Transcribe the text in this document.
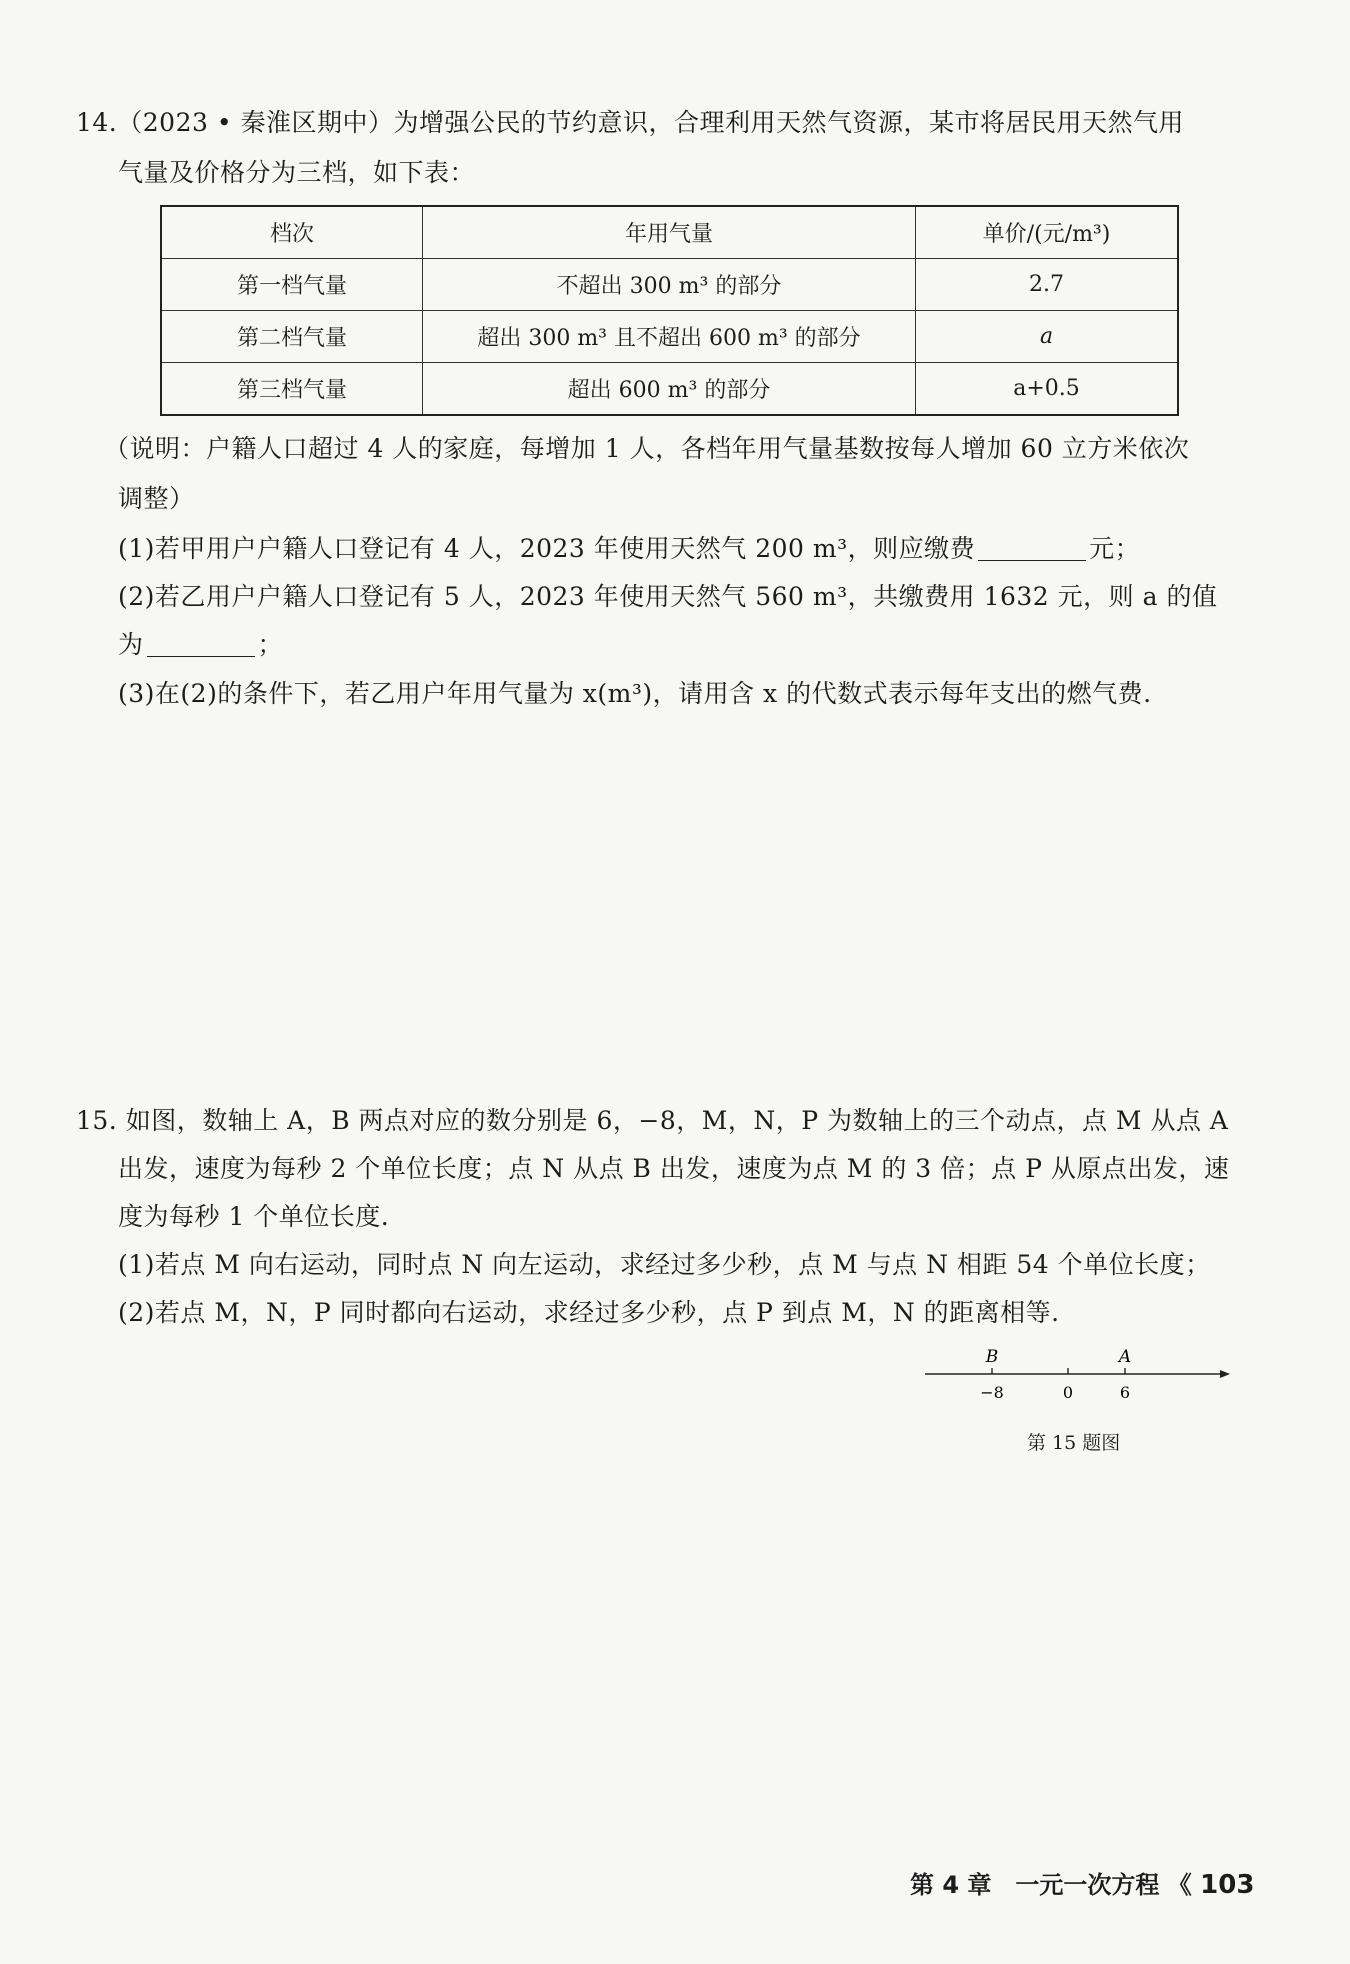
14.（2023 • 秦淮区期中）为增强公民的节约意识，合理利用天然气资源，某市将居民用天然气用
气量及价格分为三档，如下表：
档次	年用气量	单价/(元/m³)
第一档气量	不超出 300 m³ 的部分	2.7
第二档气量	超出 300 m³ 且不超出 600 m³ 的部分	a
第三档气量	超出 600 m³ 的部分	a+0.5
（说明：户籍人口超过 4 人的家庭，每增加 1 人，各档年用气量基数按每人增加 60 立方米依次
调整）
(1)若甲用户户籍人口登记有 4 人，2023 年使用天然气 200 m³，则应缴费	元；
(2)若乙用户户籍人口登记有 5 人，2023 年使用天然气 560 m³，共缴费用 1632 元，则 a 的值
为	；
(3)在(2)的条件下，若乙用户年用气量为 x(m³)，请用含 x 的代数式表示每年支出的燃气费.
15. 如图，数轴上 A，B 两点对应的数分别是 6，−8，M，N，P 为数轴上的三个动点，点 M 从点 A
出发，速度为每秒 2 个单位长度；点 N 从点 B 出发，速度为点 M 的 3 倍；点 P 从原点出发，速
度为每秒 1 个单位长度.
(1)若点 M 向右运动，同时点 N 向左运动，求经过多少秒，点 M 与点 N 相距 54 个单位长度；
(2)若点 M，N，P 同时都向右运动，求经过多少秒，点 P 到点 M，N 的距离相等.
−8
B
0	6
A
第 15 题图
第 4 章　一元一次方程 《 103
